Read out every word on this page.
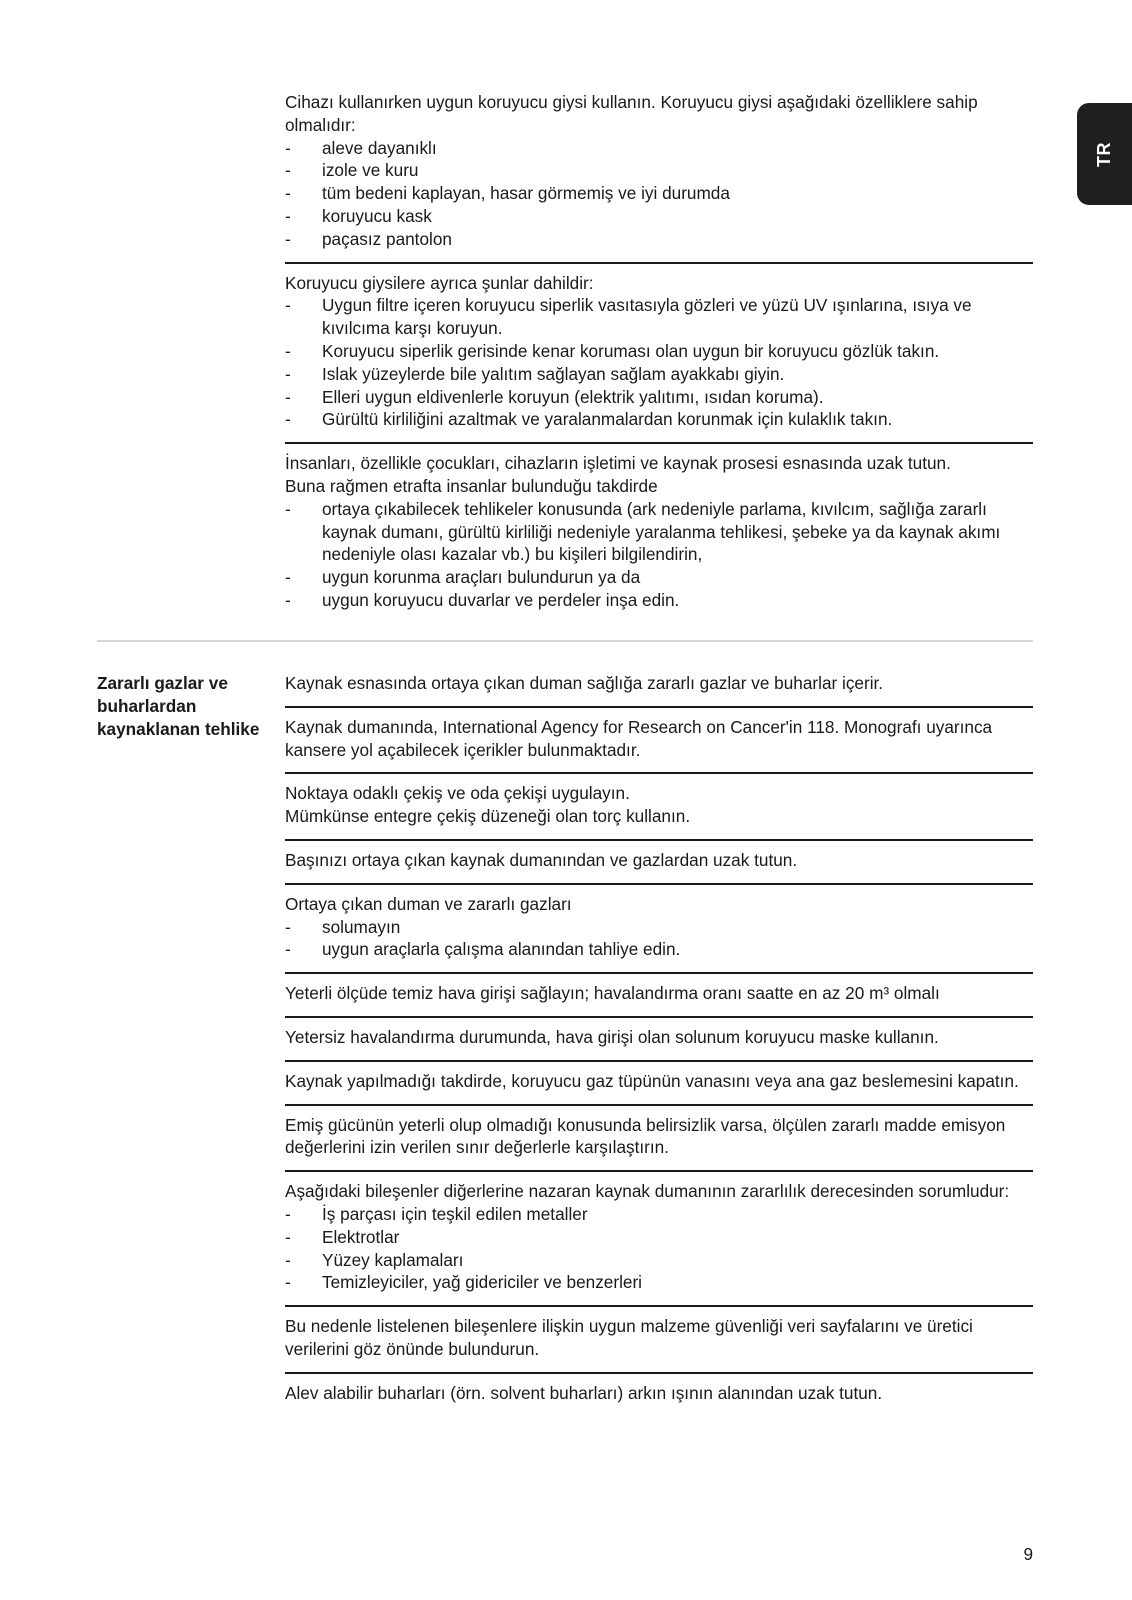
TR

Cihazı kullanırken uygun koruyucu giysi kullanın. Koruyucu giysi aşağıdaki özelliklere sahip olmalıdır:

- aleve dayanıklı
- izole ve kuru
- tüm bedeni kaplayan, hasar görmemiş ve iyi durumda
- koruyucu kask
- paçasız pantolon

Koruyucu giysilere ayrıca şunlar dahildir:

- Uygun filtre içeren koruyucu siperlik vasıtasıyla gözleri ve yüzü UV ışınlarına, ısıya ve kıvılcıma karşı koruyun.
- Koruyucu siperlik gerisinde kenar koruması olan uygun bir koruyucu gözlük takın.
- Islak yüzeylerde bile yalıtım sağlayan sağlam ayakkabı giyin.
- Elleri uygun eldivenlerle koruyun (elektrik yalıtımı, ısıdan koruma).
- Gürültü kirliliğini azaltmak ve yaralanmalardan korunmak için kulaklık takın.

İnsanları, özellikle çocukları, cihazların işletimi ve kaynak prosesi esnasında uzak tutun.

Buna rağmen etrafta insanlar bulunduğu takdirde

- ortaya çıkabilecek tehlikeler konusunda (ark nedeniyle parlama, kıvılcım, sağlığa zararlı kaynak dumanı, gürültü kirliliği nedeniyle yaralanma tehlikesi, şebeke ya da kaynak akımı nedeniyle olası kazalar vb.) bu kişileri bilgilendirin,
- uygun korunma araçları bulundurun ya da
- uygun koruyucu duvarlar ve perdeler inşa edin.
Zararlı gazlar ve buharlardan kaynaklanan tehlike

Kaynak esnasında ortaya çıkan duman sağlığa zararlı gazlar ve buharlar içerir.

Kaynak dumanında, International Agency for Research on Cancer'in 118. Monografı uyarınca kansere yol açabilecek içerikler bulunmaktadır.

Noktaya odaklı çekiş ve oda çekişi uygulayın.

Mümkünse entegre çekiş düzeneği olan torç kullanın.

Başınızı ortaya çıkan kaynak dumanından ve gazlardan uzak tutun.

Ortaya çıkan duman ve zararlı gazları

- solumayın
- uygun araçlarla çalışma alanından tahliye edin.

Yeterli ölçüde temiz hava girişi sağlayın; havalandırma oranı saatte en az 20 m³ olmalı

Yetersiz havalandırma durumunda, hava girişi olan solunum koruyucu maske kullanın.

Kaynak yapılmadığı takdirde, koruyucu gaz tüpünün vanasını veya ana gaz beslemesini kapatın.

Emiş gücünün yeterli olup olmadığı konusunda belirsizlik varsa, ölçülen zararlı madde emisyon değerlerini izin verilen sınır değerlerle karşılaştırın.

Aşağıdaki bileşenler diğerlerine nazaran kaynak dumanının zararlılık derecesinden sorumludur:

- İş parçası için teşkil edilen metaller
- Elektrotlar
- Yüzey kaplamaları
- Temizleyiciler, yağ gidericiler ve benzerleri

Bu nedenle listelenen bileşenlere ilişkin uygun malzeme güvenliği veri sayfalarını ve üretici verilerini göz önünde bulundurun.

Alev alabilir buharları (örn. solvent buharları) arkın ışının alanından uzak tutun.

9
